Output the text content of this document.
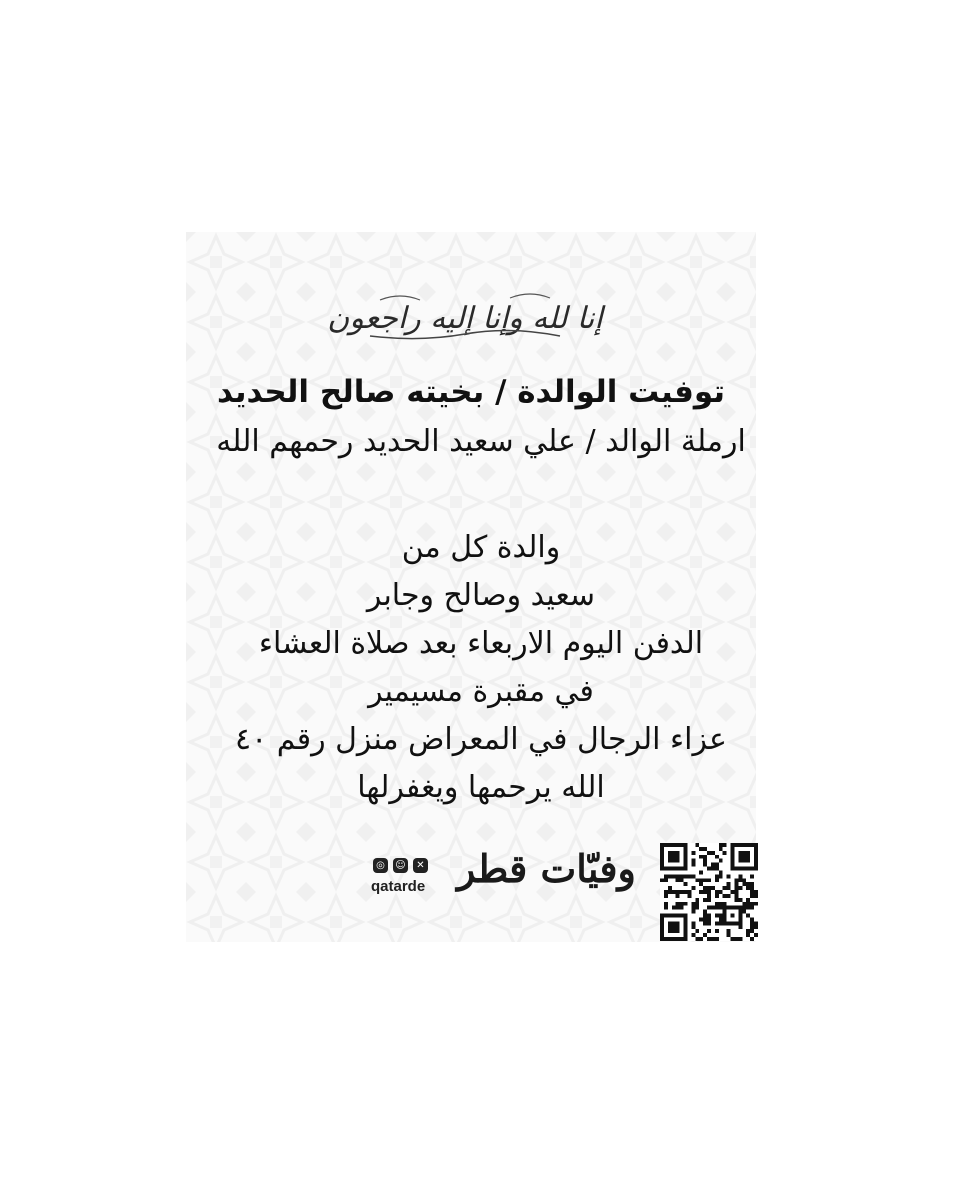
إنا لله وإنا إليه راجعون
توفيت الوالدة / بخيته صالح الحديد
ارملة الوالد / علي سعيد الحديد رحمهم الله
والدة كل من
سعيد وصالح وجابر
الدفن اليوم الاربعاء بعد صلاة العشاء
في مقبرة مسيمير
عزاء الرجال في المعراض منزل رقم ٤٠
الله يرحمها ويغفرلها
◎	☺	✕
qatarde وفيّات قطر
